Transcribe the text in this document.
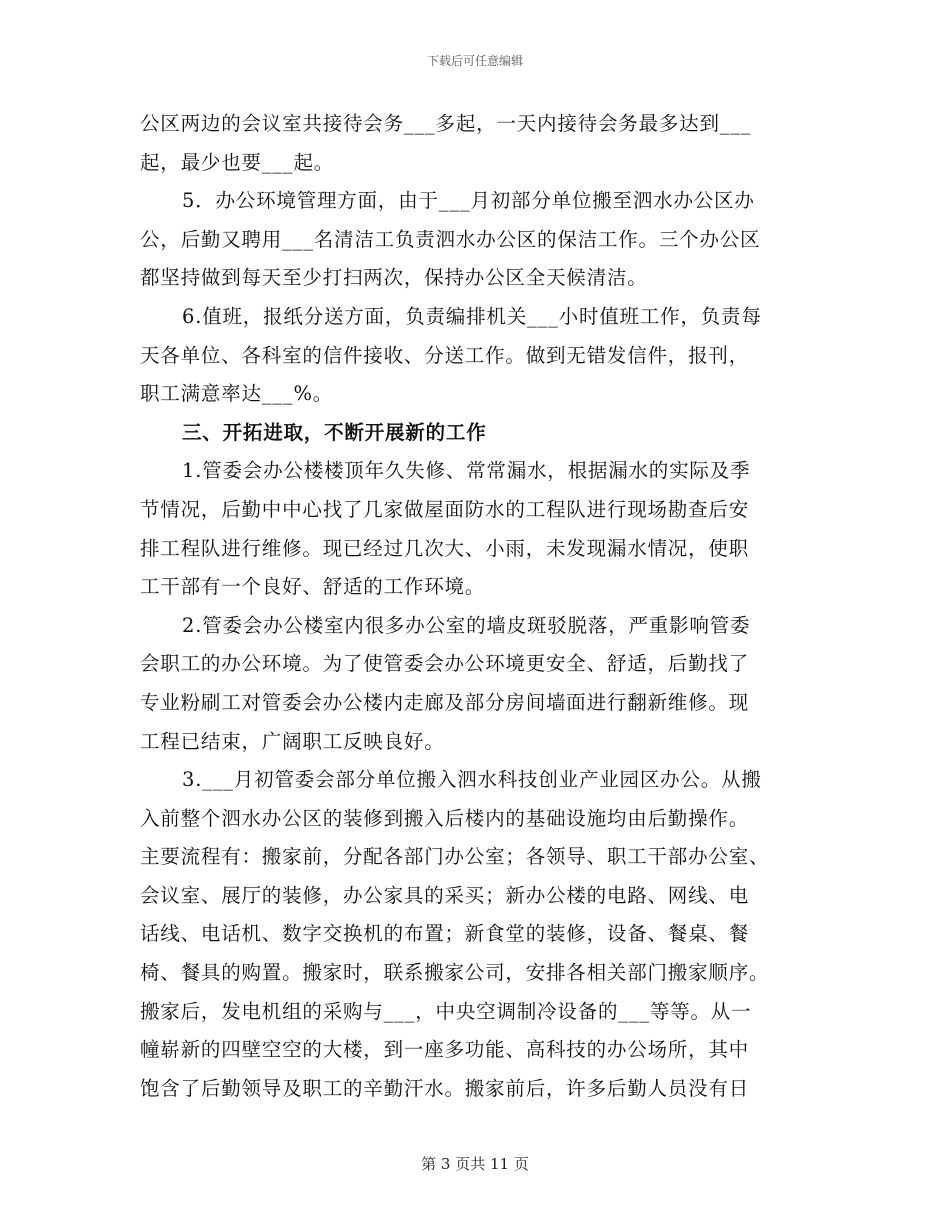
下载后可任意编辑
公区两边的会议室共接待会务___多起，一天内接待会务最多达到___
起，最少也要___起。
5．办公环境管理方面，由于___月初部分单位搬至泗水办公区办
公，后勤又聘用___名清洁工负责泗水办公区的保洁工作。三个办公区
都坚持做到每天至少打扫两次，保持办公区全天候清洁。
6.值班，报纸分送方面，负责编排机关___小时值班工作，负责每
天各单位、各科室的信件接收、分送工作。做到无错发信件，报刊，
职工满意率达___%。
三、开拓进取，不断开展新的工作
1.管委会办公楼楼顶年久失修、常常漏水，根据漏水的实际及季
节情况，后勤中中心找了几家做屋面防水的工程队进行现场勘查后安
排工程队进行维修。现已经过几次大、小雨，未发现漏水情况，使职
工干部有一个良好、舒适的工作环境。
2.管委会办公楼室内很多办公室的墙皮斑驳脱落，严重影响管委
会职工的办公环境。为了使管委会办公环境更安全、舒适，后勤找了
专业粉刷工对管委会办公楼内走廊及部分房间墙面进行翻新维修。现
工程已结束，广阔职工反映良好。
3.___月初管委会部分单位搬入泗水科技创业产业园区办公。从搬
入前整个泗水办公区的装修到搬入后楼内的基础设施均由后勤操作。
主要流程有：搬家前，分配各部门办公室；各领导、职工干部办公室、
会议室、展厅的装修，办公家具的采买；新办公楼的电路、网线、电
话线、电话机、数字交换机的布置；新食堂的装修，设备、餐桌、餐
椅、餐具的购置。搬家时，联系搬家公司，安排各相关部门搬家顺序。
搬家后，发电机组的采购与___，中央空调制冷设备的___等等。从一
幢崭新的四壁空空的大楼，到一座多功能、高科技的办公场所，其中
饱含了后勤领导及职工的辛勤汗水。搬家前后，许多后勤人员没有日
第 3 页共 11 页
